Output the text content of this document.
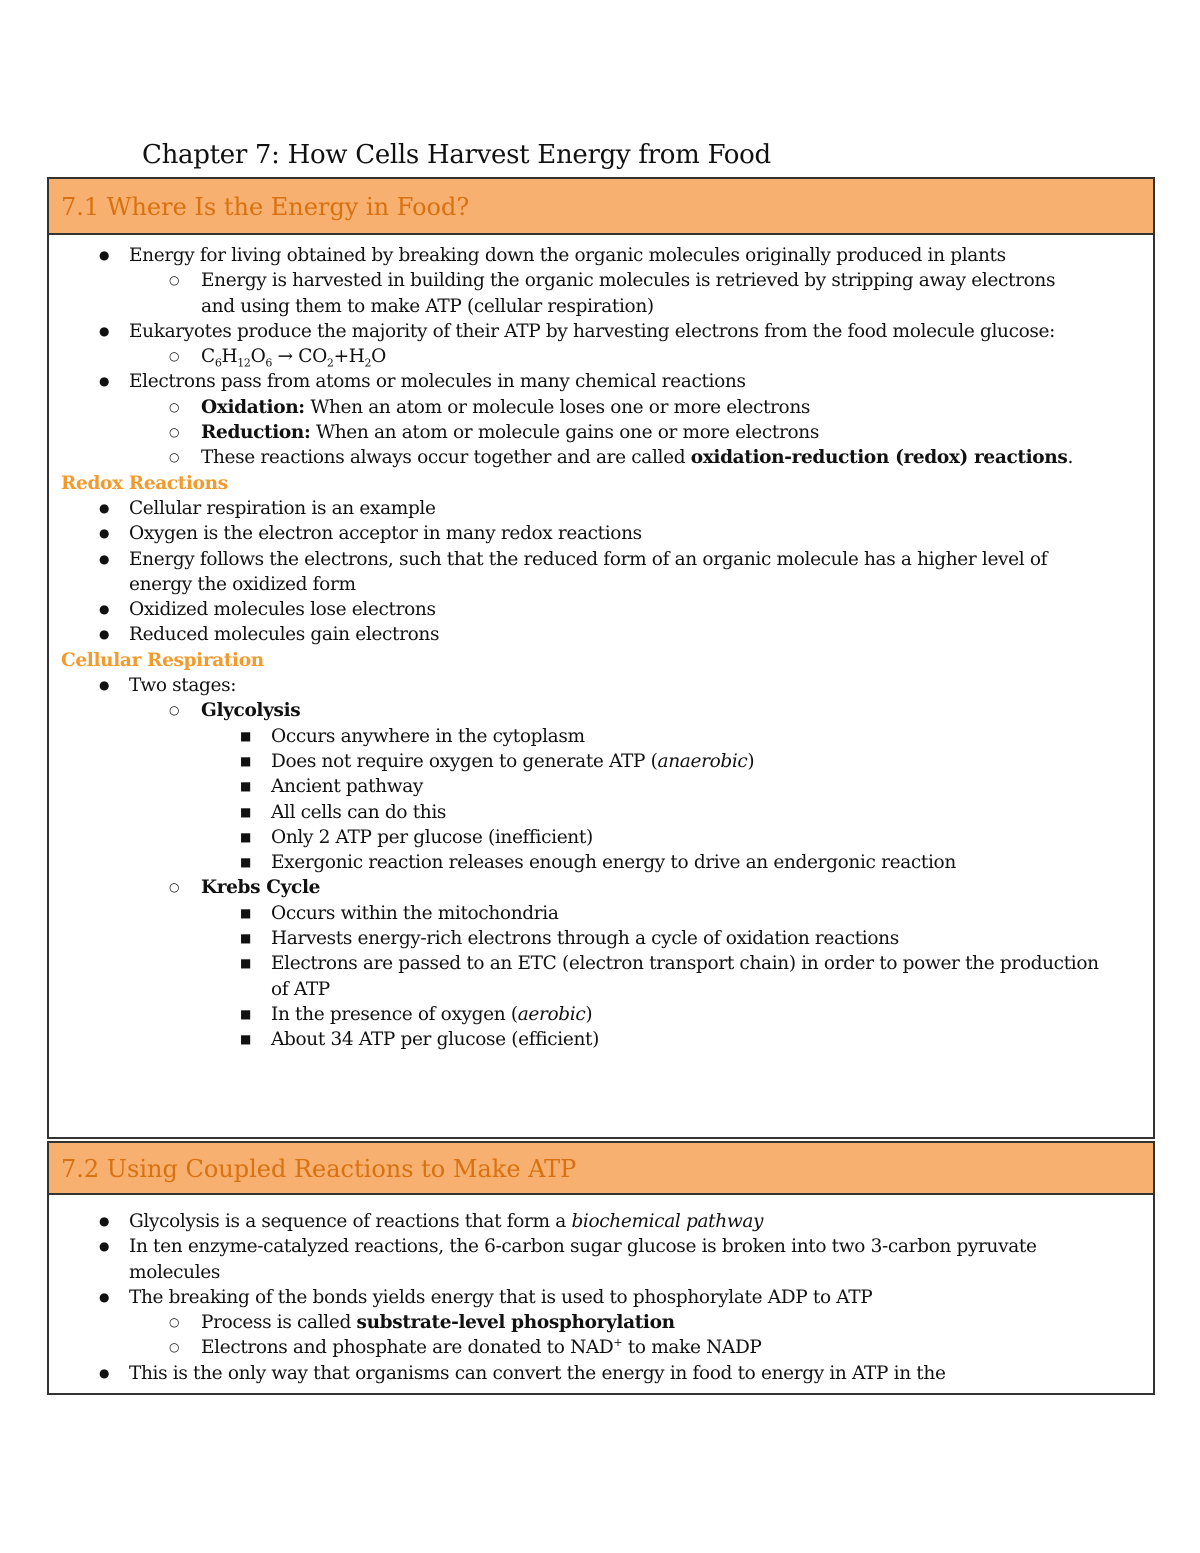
Chapter 7: How Cells Harvest Energy from Food
7.1 Where Is the Energy in Food?
● Energy for living obtained by breaking down the organic molecules originally produced in plants
○ Energy is harvested in building the organic molecules is retrieved by stripping away electrons and using them to make ATP (cellular respiration)
● Eukaryotes produce the majority of their ATP by harvesting electrons from the food molecule glucose:
○ $C_6H_{12}O_6 \to CO_2+H_2O$
● Electrons pass from atoms or molecules in many chemical reactions
○ Oxidation: When an atom or molecule loses one or more electrons
○ Reduction: When an atom or molecule gains one or more electrons
○ These reactions always occur together and are called oxidation-reduction (redox) reactions.
Redox Reactions
● Cellular respiration is an example
● Oxygen is the electron acceptor in many redox reactions
● Energy follows the electrons, such that the reduced form of an organic molecule has a higher level of energy the oxidized form
● Oxidized molecules lose electrons
● Reduced molecules gain electrons
Cellular Respiration
● Two stages:
○ Glycolysis
■ Occurs anywhere in the cytoplasm
■ Does not require oxygen to generate ATP (anaerobic)
■ Ancient pathway
■ All cells can do this
■ Only 2 ATP per glucose (inefficient)
■ Exergonic reaction releases enough energy to drive an endergonic reaction
○ Krebs Cycle
■ Occurs within the mitochondria
■ Harvests energy-rich electrons through a cycle of oxidation reactions
■ Electrons are passed to an ETC (electron transport chain) in order to power the production of ATP
■ In the presence of oxygen (aerobic)
■ About 34 ATP per glucose (efficient)
7.2 Using Coupled Reactions to Make ATP
● Glycolysis is a sequence of reactions that form a biochemical pathway
● In ten enzyme-catalyzed reactions, the 6-carbon sugar glucose is broken into two 3-carbon pyruvate molecules
● The breaking of the bonds yields energy that is used to phosphorylate ADP to ATP
○ Process is called substrate-level phosphorylation
○ Electrons and phosphate are donated to NAD+ to make NADP
● This is the only way that organisms can convert the energy in food to energy in ATP in the
